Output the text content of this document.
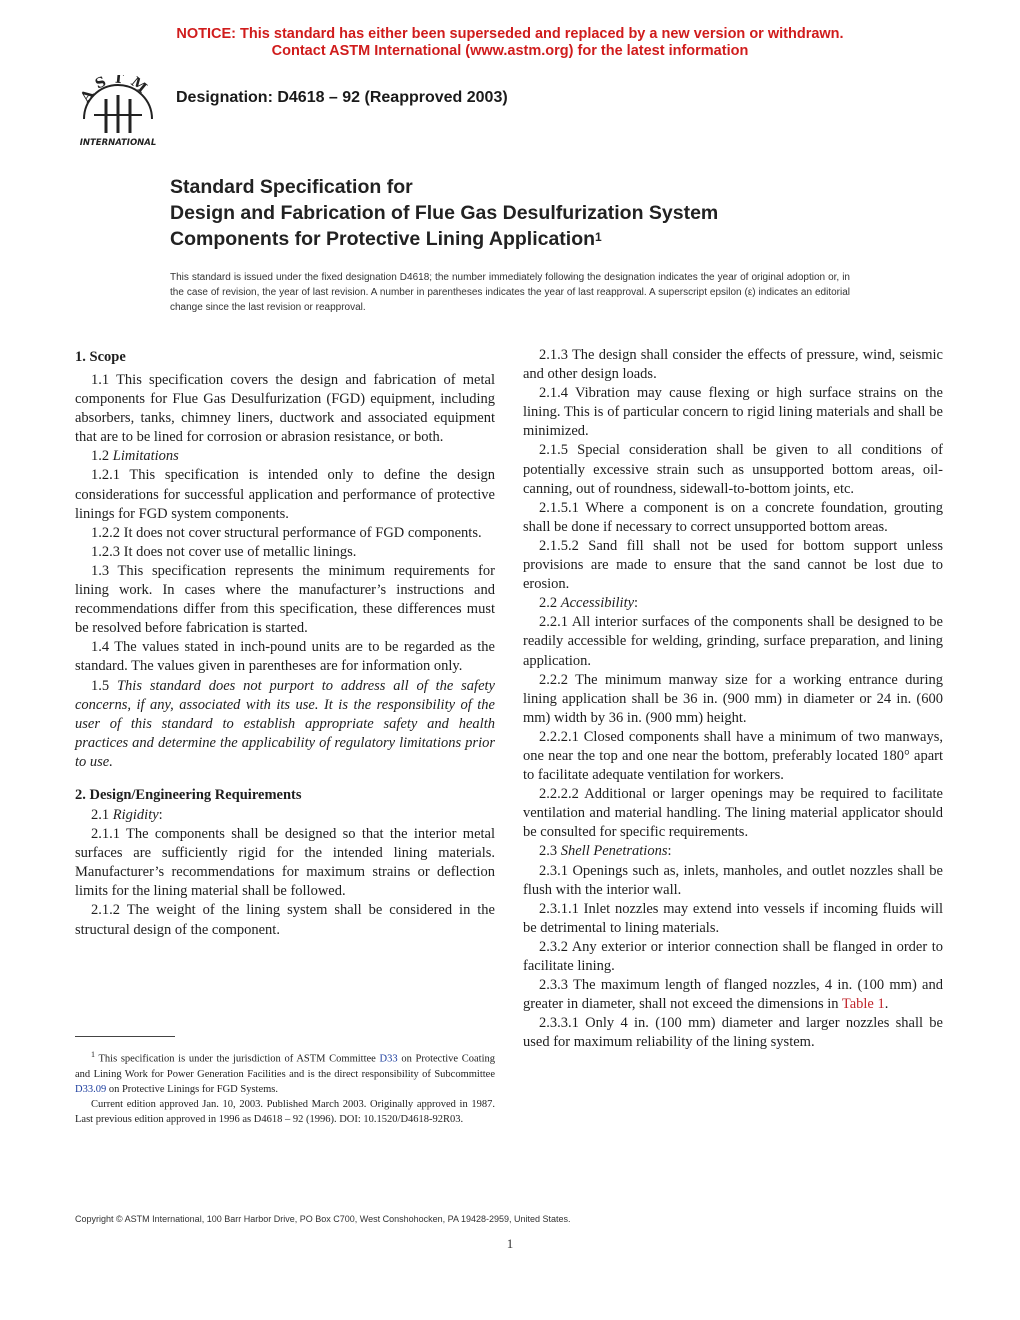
NOTICE: This standard has either been superseded and replaced by a new version or withdrawn.
Contact ASTM International (www.astm.org) for the latest information
ASTM
INTERNATIONAL
Designation: D4618 – 92 (Reapproved 2003)
Standard Specification for
Design and Fabrication of Flue Gas Desulfurization System
Components for Protective Lining Application$^1$
This standard is issued under the fixed designation D4618; the number immediately following the designation indicates the year of original adoption or, in the case of revision, the year of last revision. A number in parentheses indicates the year of last reapproval. A superscript epsilon (ε) indicates an editorial change since the last revision or reapproval.
1. Scope

1.1 This specification covers the design and fabrication of metal components for Flue Gas Desulfurization (FGD) equipment, including absorbers, tanks, chimney liners, ductwork and associated equipment that are to be lined for corrosion or abrasion resistance, or both.

1.2 Limitations

1.2.1 This specification is intended only to define the design considerations for successful application and performance of protective linings for FGD system components.

1.2.2 It does not cover structural performance of FGD components.

1.2.3 It does not cover use of metallic linings.

1.3 This specification represents the minimum requirements for lining work. In cases where the manufacturer’s instructions and recommendations differ from this specification, these differences must be resolved before fabrication is started.

1.4 The values stated in inch-pound units are to be regarded as the standard. The values given in parentheses are for information only.

1.5 This standard does not purport to address all of the safety concerns, if any, associated with its use. It is the responsibility of the user of this standard to establish appropriate safety and health practices and determine the applicability of regulatory limitations prior to use.

2. Design/Engineering Requirements

2.1 Rigidity:

2.1.1 The components shall be designed so that the interior metal surfaces are sufficiently rigid for the intended lining materials. Manufacturer’s recommendations for maximum strains or deflection limits for the lining material shall be followed.

2.1.2 The weight of the lining system shall be considered in the structural design of the component.

2.1.3 The design shall consider the effects of pressure, wind, seismic and other design loads.

2.1.4 Vibration may cause flexing or high surface strains on the lining. This is of particular concern to rigid lining materials and shall be minimized.

2.1.5 Special consideration shall be given to all conditions of potentially excessive strain such as unsupported bottom areas, oil-canning, out of roundness, sidewall-to-bottom joints, etc.

2.1.5.1 Where a component is on a concrete foundation, grouting shall be done if necessary to correct unsupported bottom areas.

2.1.5.2 Sand fill shall not be used for bottom support unless provisions are made to ensure that the sand cannot be lost due to erosion.

2.2 Accessibility:

2.2.1 All interior surfaces of the components shall be designed to be readily accessible for welding, grinding, surface preparation, and lining application.

2.2.2 The minimum manway size for a working entrance during lining application shall be 36 in. (900 mm) in diameter or 24 in. (600 mm) width by 36 in. (900 mm) height.

2.2.2.1 Closed components shall have a minimum of two manways, one near the top and one near the bottom, preferably located 180° apart to facilitate adequate ventilation for workers.

2.2.2.2 Additional or larger openings may be required to facilitate ventilation and material handling. The lining material applicator should be consulted for specific requirements.

2.3 Shell Penetrations:

2.3.1 Openings such as, inlets, manholes, and outlet nozzles shall be flush with the interior wall.

2.3.1.1 Inlet nozzles may extend into vessels if incoming fluids will be detrimental to lining materials.

2.3.2 Any exterior or interior connection shall be flanged in order to facilitate lining.

2.3.3 The maximum length of flanged nozzles, 4 in. (100 mm) and greater in diameter, shall not exceed the dimensions in Table 1.

2.3.3.1 Only 4 in. (100 mm) diameter and larger nozzles shall be used for maximum reliability of the lining system.

$^1$ This specification is under the jurisdiction of ASTM Committee D33 on Protective Coating and Lining Work for Power Generation Facilities and is the direct responsibility of Subcommittee D33.09 on Protective Linings for FGD Systems.

Current edition approved Jan. 10, 2003. Published March 2003. Originally approved in 1987. Last previous edition approved in 1996 as D4618 – 92 (1996). DOI: 10.1520/D4618-92R03.

Copyright © ASTM International, 100 Barr Harbor Drive, PO Box C700, West Conshohocken, PA 19428-2959, United States.
1
